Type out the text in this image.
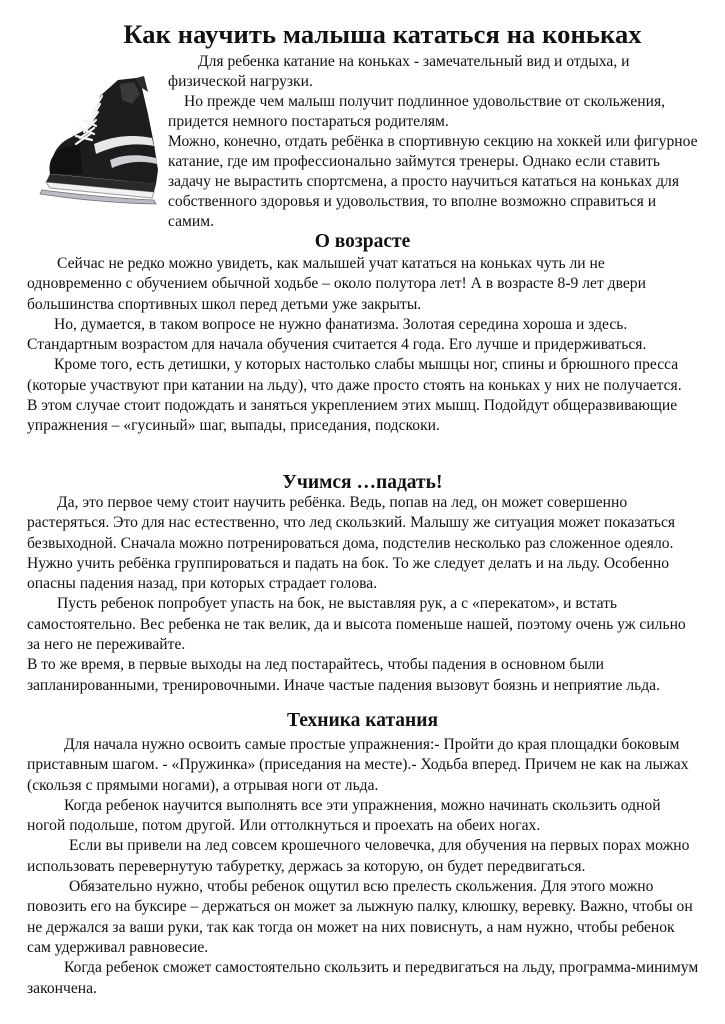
Как научить малыша кататься на коньках

Для ребенка катание на коньках - замечательный вид и отдыха, и физической нагрузки.

Но прежде чем малыш получит подлинное удовольствие от скольжения, придется немного постараться родителям.

Можно, конечно, отдать ребёнка в спортивную секцию на хоккей или фигурное катание, где им профессионально займутся тренеры. Однако если ставить задачу не вырастить спортсмена, а просто научиться кататься на коньках для собственного здоровья и удовольствия, то вполне возможно справиться и самим.

О возрасте

Сейчас не редко можно увидеть, как малышей учат кататься на коньках чуть ли не одновременно с обучением обычной ходьбе – около полутора лет! А в возрасте 8-9 лет двери большинства спортивных школ перед детьми уже закрыты.

Но, думается, в таком вопросе не нужно фанатизма. Золотая середина хороша и здесь. Стандартным возрастом для начала обучения считается 4 года. Его лучше и придерживаться.

Кроме того, есть детишки, у которых настолько слабы мышцы ног, спины и брюшного пресса (которые участвуют при катании на льду), что даже просто стоять на коньках у них не получается.

В этом случае стоит подождать и заняться укреплением этих мышц. Подойдут общеразвивающие упражнения – «гусиный» шаг, выпады, приседания, подскоки.

Учимся …падать!

Да, это первое чему стоит научить ребёнка. Ведь, попав на лед, он может совершенно растеряться. Это для нас естественно, что лед скользкий. Малышу же ситуация может показаться безвыходной. Сначала можно потренироваться дома, подстелив несколько раз сложенное одеяло. Нужно учить ребёнка группироваться и падать на бок. То же следует делать и на льду. Особенно опасны падения назад, при которых страдает голова.

Пусть ребенок попробует упасть на бок, не выставляя рук, а с «перекатом», и встать самостоятельно. Вес ребенка не так велик, да и высота поменьше нашей, поэтому очень уж сильно за него не переживайте.

В то же время, в первые выходы на лед постарайтесь, чтобы падения в основном были запланированными, тренировочными. Иначе частые падения вызовут боязнь и неприятие льда.

Техника катания

Для начала нужно освоить самые простые упражнения:- Пройти до края площадки боковым приставным шагом. - «Пружинка» (приседания на месте).- Ходьба вперед. Причем не как на лыжах (скользя с прямыми ногами), а отрывая ноги от льда.

Когда ребенок научится выполнять все эти упражнения, можно начинать скользить одной ногой подольше, потом другой. Или оттолкнуться и проехать на обеих ногах.

Если вы привели на лед совсем крошечного человечка, для обучения на первых порах можно использовать перевернутую табуретку, держась за которую, он будет передвигаться.

Обязательно нужно, чтобы ребенок ощутил всю прелесть скольжения. Для этого можно повозить его на буксире – держаться он может за лыжную палку, клюшку, веревку. Важно, чтобы он не держался за ваши руки, так как тогда он может на них повиснуть, а нам нужно, чтобы ребенок сам удерживал равновесие.

Когда ребенок сможет самостоятельно скользить и передвигаться на льду, программа-минимум закончена.
